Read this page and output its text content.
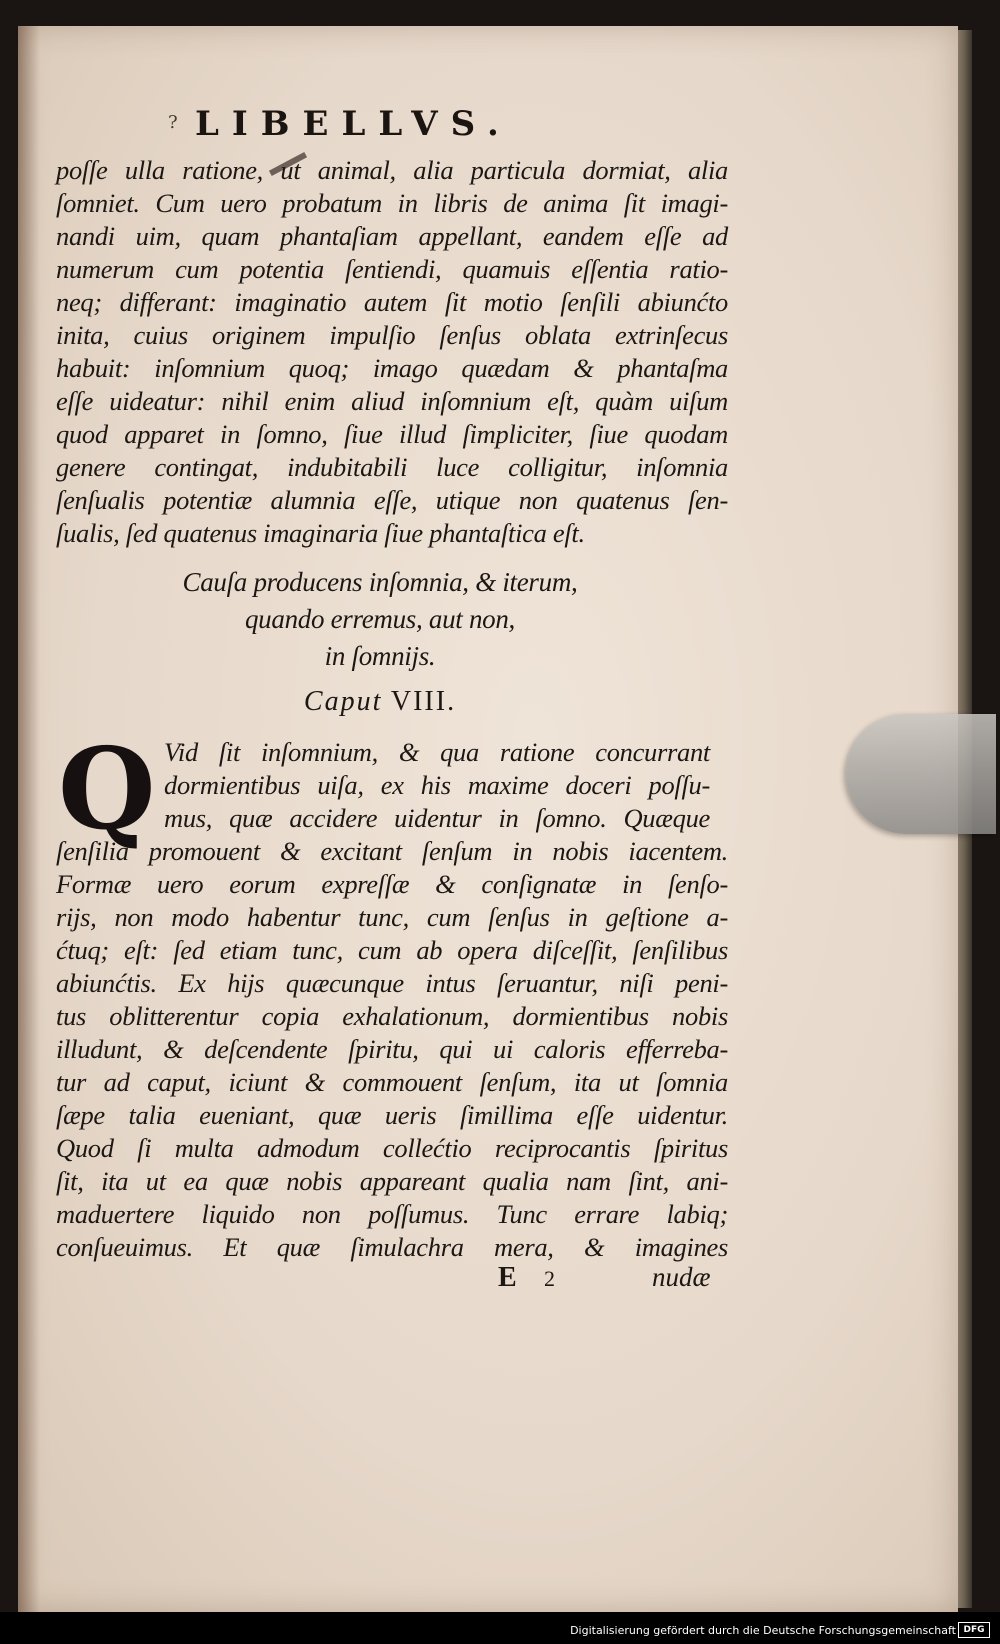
? LIBELLVS.
poſſe ulla ratione, ut animal, alia particula dormiat, alia
ſomniet. Cum uero probatum in libris de anima ſit imagi-
nandi uim, quam phantaſiam appellant, eandem eſſe ad
numerum cum potentia ſentiendi, quamuis eſſentia ratio-
neq; differant: imaginatio autem ſit motio ſenſili abiunćto
inita, cuius originem impulſio ſenſus oblata extrinſecus
habuit: inſomnium quoq; imago quædam & phantaſma
eſſe uideatur: nihil enim aliud inſomnium eſt, quàm uiſum
quod apparet in ſomno, ſiue illud ſimpliciter, ſiue quodam
genere contingat, indubitabili luce colligitur, inſomnia
ſenſualis potentiæ alumnia eſſe, utique non quatenus ſen-
ſualis, ſed quatenus imaginaria ſiue phantaſtica eſt.
Cauſa producens inſomnia, & iterum,
quando erremus, aut non,
in ſomnijs.
Caput VIII.
Q Vid ſit inſomnium, & qua ratione concurrant
dormientibus uiſa, ex his maxime doceri poſſu-
mus, quæ accidere uidentur in ſomno. Quæque
ſenſilia promouent & excitant ſenſum in nobis iacentem.
Formæ uero eorum expreſſæ & conſignatæ in ſenſo-
rijs, non modo habentur tunc, cum ſenſus in geſtione a-
ćtuq; eſt: ſed etiam tunc, cum ab opera diſceſſit, ſenſilibus
abiunćtis. Ex hijs quæcunque intus ſeruantur, niſi peni-
tus oblitterentur copia exhalationum, dormientibus nobis
illudunt, & deſcendente ſpiritu, qui ui caloris efferreba-
tur ad caput, iciunt & commouent ſenſum, ita ut ſomnia
ſæpe talia eueniant, quæ ueris ſimillima eſſe uidentur.
Quod ſi multa admodum collećtio reciprocantis ſpiritus
ſit, ita ut ea quæ nobis appareant qualia nam ſint, ani-
maduertere liquido non poſſumus. Tunc errare labiq;
conſueuimus. Et quæ ſimulachra mera, & imagines
E 2	nudæ
Digitalisierung gefördert durch die Deutsche Forschungsgemeinschaft DFG
